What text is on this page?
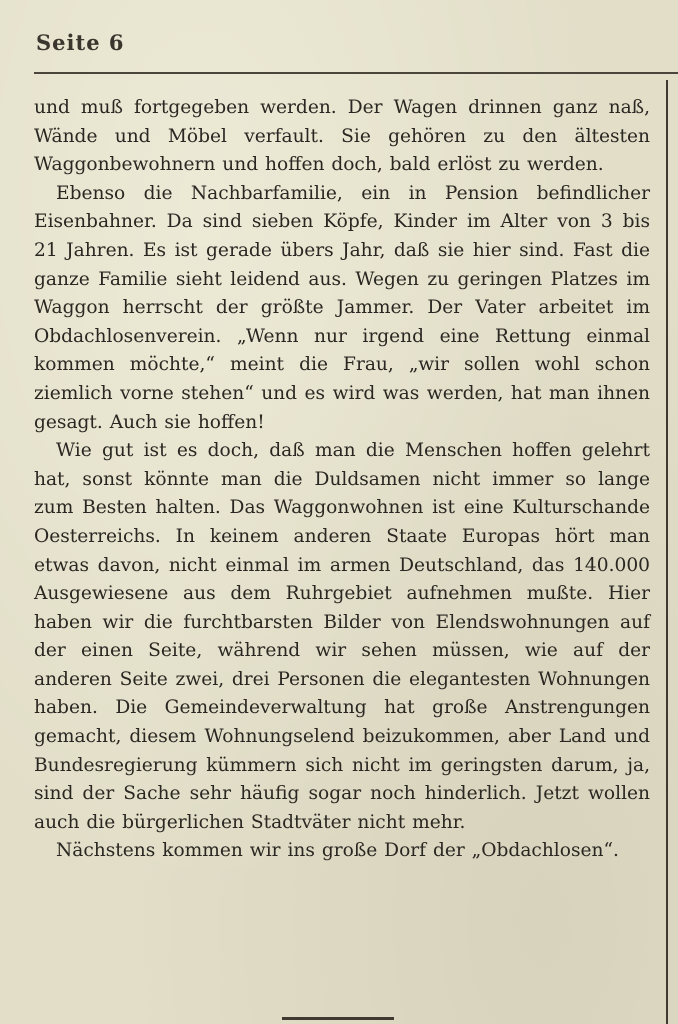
Seite 6

und muß fortgegeben werden. Der Wagen drinnen ganz naß, Wände und Möbel verfault. Sie gehören zu den ältesten Waggonbewohnern und hoffen doch, bald erlöst zu werden.

Ebenso die Nachbarfamilie, ein in Pension befindlicher Eisenbahner. Da sind sieben Köpfe, Kinder im Alter von 3 bis 21 Jahren. Es ist gerade übers Jahr, daß sie hier sind. Fast die ganze Familie sieht leidend aus. Wegen zu geringen Platzes im Waggon herrscht der größte Jammer. Der Vater arbeitet im Obdachlosenverein. „Wenn nur irgend eine Rettung einmal kommen möchte,“ meint die Frau, „wir sollen wohl schon ziemlich vorne stehen“ und es wird was werden, hat man ihnen gesagt. Auch sie hoffen!

Wie gut ist es doch, daß man die Menschen hoffen gelehrt hat, sonst könnte man die Duldsamen nicht immer so lange zum Besten halten. Das Waggonwohnen ist eine Kulturschande Oesterreichs. In keinem anderen Staate Europas hört man etwas davon, nicht einmal im armen Deutschland, das 140.000 Ausgewiesene aus dem Ruhrgebiet aufnehmen mußte. Hier haben wir die furchtbarsten Bilder von Elendswohnungen auf der einen Seite, während wir sehen müssen, wie auf der anderen Seite zwei, drei Personen die elegantesten Wohnungen haben. Die Gemeindeverwaltung hat große Anstrengungen gemacht, diesem Wohnungselend beizukommen, aber Land und Bundesregierung kümmern sich nicht im geringsten darum, ja, sind der Sache sehr häufig sogar noch hinderlich. Jetzt wollen auch die bürgerlichen Stadtväter nicht mehr.

Nächstens kommen wir ins große Dorf der „Obdachlosen“.
